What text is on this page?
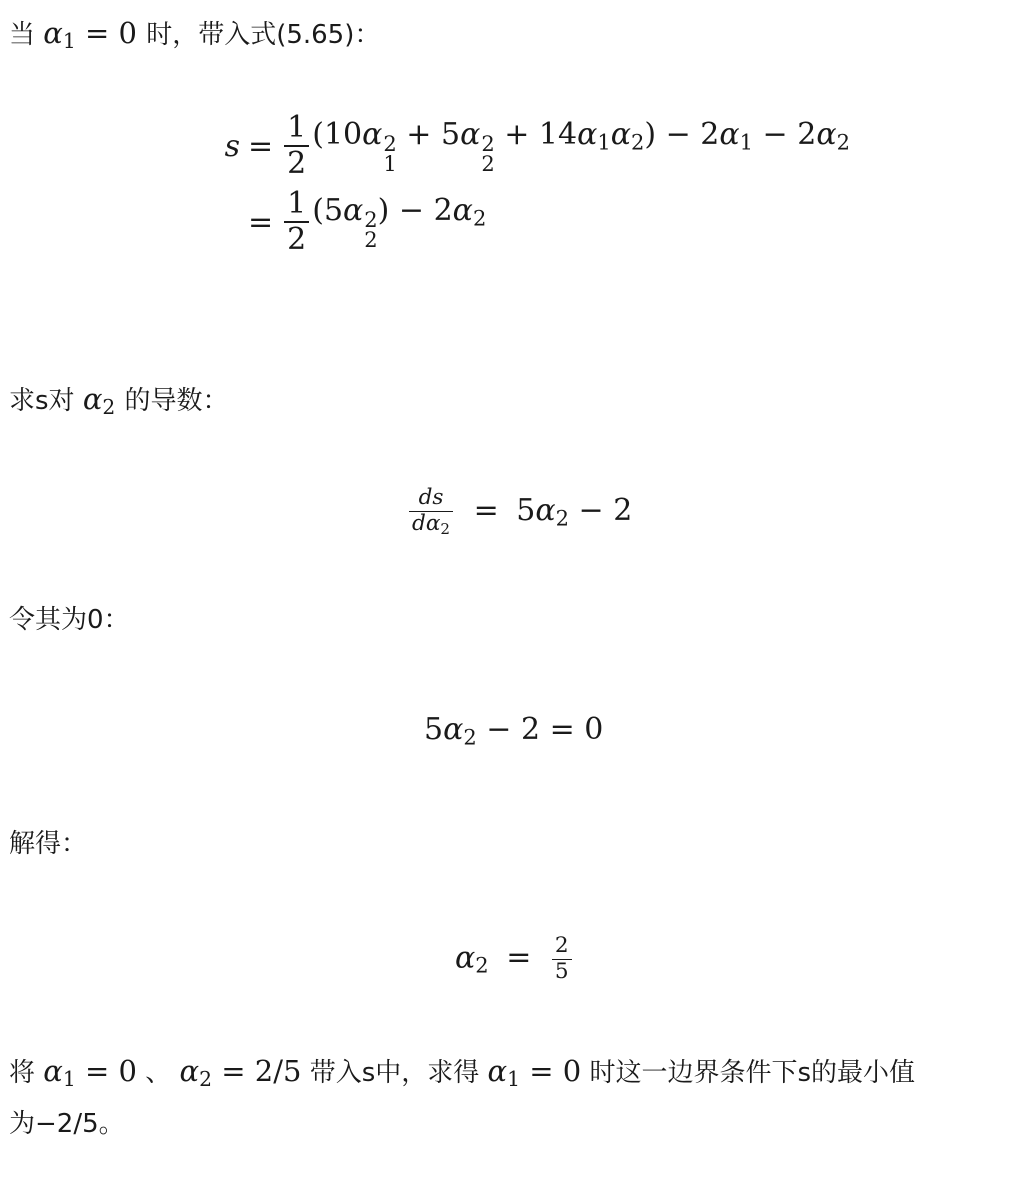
当 $\alpha_1 = 0$ 时，带入式(5.65)：
$s = \frac{1}{2} (10\alpha$ 2
1
+ 5α 2
2
+ $14\alpha_1\alpha_2) - 2\alpha_1 - 2\alpha_2$
= $\frac{1}{2} (5\alpha$ 2
2
) − $2\alpha_2$
求s对 $\alpha_2$ 的导数：
$\frac{ds}{d\alpha_2} = 5\alpha_2 - 2$
令其为0：
$5\alpha_2 - 2 = 0$
解得：
$\alpha_2 = \frac{2}{5}$
将 $\alpha_1 = 0$ 、 $\alpha_2 = 2/5$ 带入s中，求得 $\alpha_1 = 0$ 时这一边界条件下s的最小值
为−2/5。
